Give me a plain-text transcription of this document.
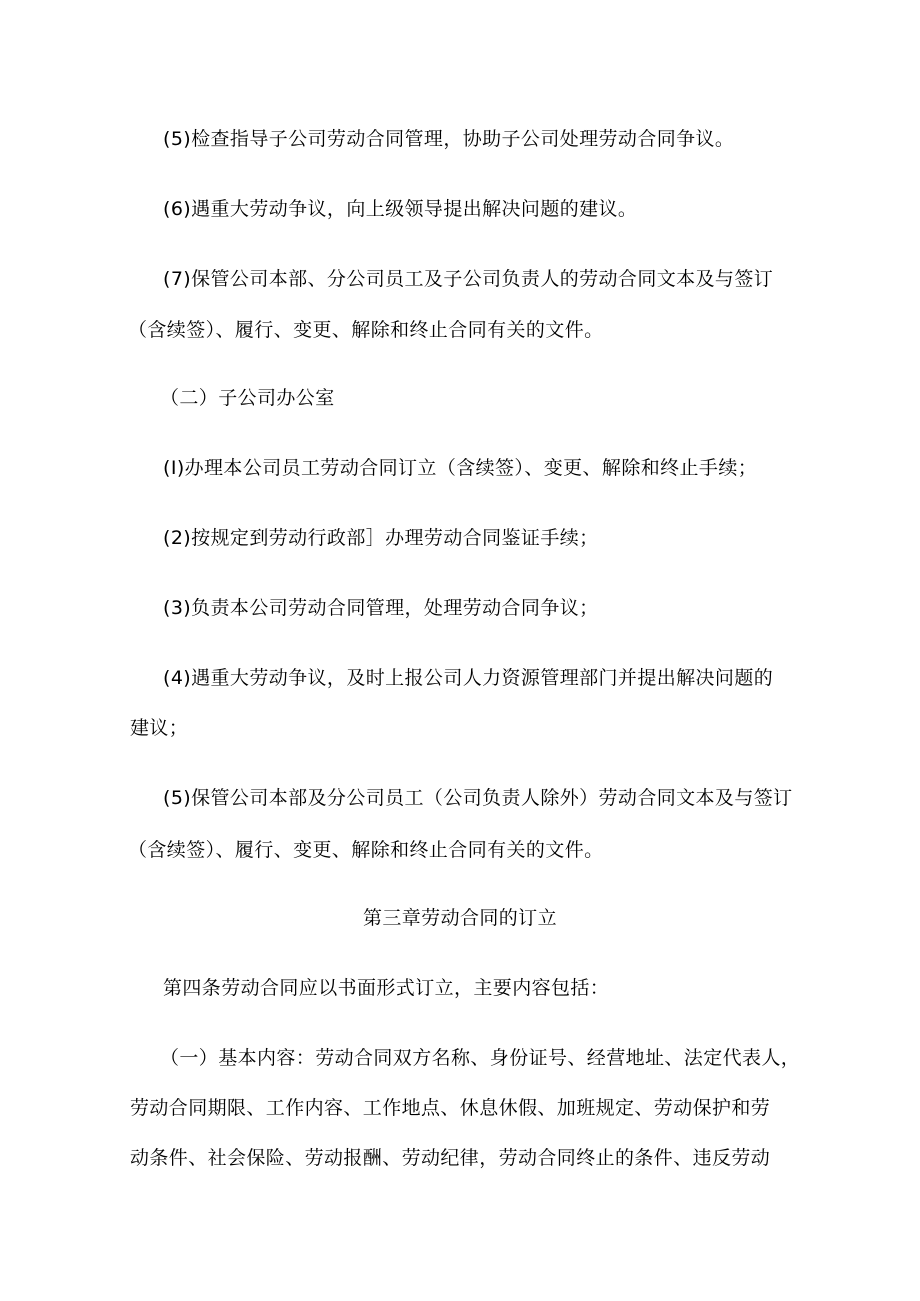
(5)检查指导子公司劳动合同管理，协助子公司处理劳动合同争议。
(6)遇重大劳动争议，向上级领导提出解决问题的建议。
(7)保管公司本部、分公司员工及子公司负责人的劳动合同文本及与签订
（含续签）、履行、变更、解除和终止合同有关的文件。
（二）子公司办公室
(I)办理本公司员工劳动合同订立（含续签）、变更、解除和终止手续；
(2)按规定到劳动行政部］办理劳动合同鉴证手续；
(3)负责本公司劳动合同管理，处理劳动合同争议；
(4)遇重大劳动争议，及时上报公司人力资源管理部门并提出解决问题的
建议；
(5)保管公司本部及分公司员工（公司负责人除外）劳动合同文本及与签订
（含续签）、履行、变更、解除和终止合同有关的文件。
第三章劳动合同的订立
第四条劳动合同应以书面形式订立，主要内容包括：
（一）基本内容：劳动合同双方名称、身份证号、经营地址、法定代表人，
劳动合同期限、工作内容、工作地点、休息休假、加班规定、劳动保护和劳
动条件、社会保险、劳动报酬、劳动纪律，劳动合同终止的条件、违反劳动
